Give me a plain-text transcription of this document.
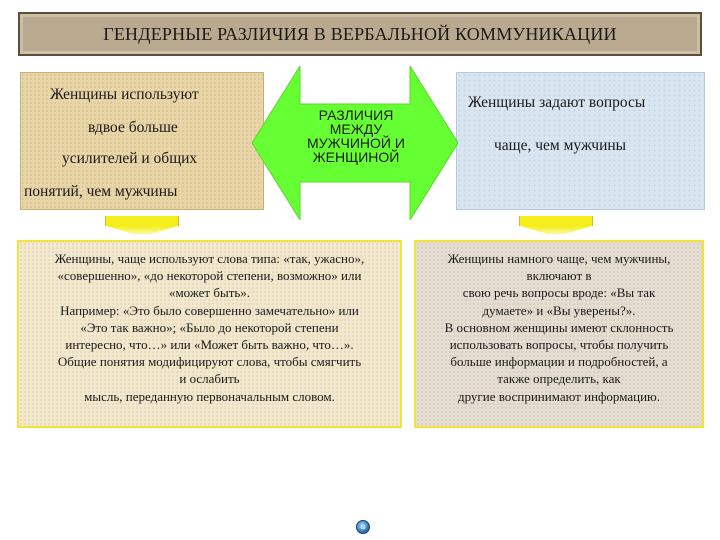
ГЕНДЕРНЫЕ РАЗЛИЧИЯ В ВЕРБАЛЬНОЙ КОММУНИКАЦИИ
Женщины используют
вдвое больше
усилителей и общих
понятий, чем мужчины
Женщины задают вопросы
чаще, чем мужчины
РАЗЛИЧИЯ
МЕЖДУ
МУЖЧИНОЙ И
ЖЕНЩИНОЙ
Женщины, чаще используют слова типа: «так, ужасно»,
«совершенно», «до некоторой степени, возможно» или
«может быть».
Например: «Это было совершенно замечательно» или
«Это так важно»; «Было до некоторой степени
интересно, что…» или «Может быть важно, что…».
Общие понятия модифицируют слова, чтобы смягчить
и ослабить
мысль, переданную первоначальным словом.
Женщины намного чаще, чем мужчины,
включают в
свою речь вопросы вроде: «Вы так
думаете» и «Вы уверены?».
В основном женщины имеют склонность
использовать вопросы, чтобы получить
больше информации и подробностей, а
также определить, как
другие воспринимают информацию.
ɷ
